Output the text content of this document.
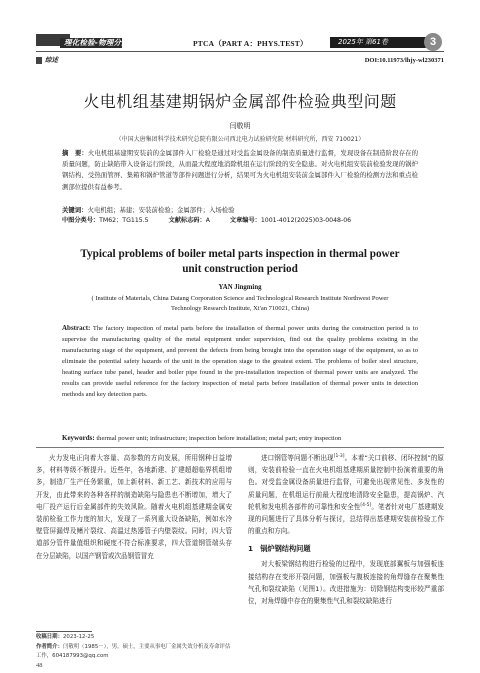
理化检验-物理分册	PTCA（PART A：PHYS.TEST）	2025年 第61卷	3
综述	DOI:10.11973/lhjy-wl230371
火电机组基建期锅炉金属部件检验典型问题
闫敬明
（中国大唐集团科学技术研究总院有限公司西北电力试验研究院 材料研究所，西安 710021）
摘　要：火电机组基建期安装前的金属部件入厂检验是通过对受监金属设备的制造质量进行监督，发现设备在制造阶段存在的质量问题，防止缺陷带入设备运行阶段，从而最大程度地消除机组在运行阶段的安全隐患。对火电机组安装前检验发现的锅炉钢结构、受热面管屏、集箱和锅炉管道等部件问题进行分析，结果可为火电机组安装前金属部件入厂检验的检测方法和重点检测部位提供有益参考。
关键词：火电机组；基建；安装前检验；金属部件；入场检验
中图分类号：TM62；TG115.5	文献标志码：A	文章编号：1001-4012(2025)03-0048-06
Typical problems of boiler metal parts inspection in thermal power
unit construction period
YAN Jingming
( Institute of Materials, China Datang Corporation Science and Technological Research Institute Northwest Power
Technology Research Institute, Xi'an 710021, China)
Abstract: The factory inspection of metal parts before the installation of thermal power units during the construction period is to supervise the manufacturing quality of the metal equipment under supervision, find out the quality problems existing in the manufacturing stage of the equipment, and prevent the defects from being brought into the operation stage of the equipment, so as to eliminate the potential safety hazards of the unit in the operation stage to the greatest extent. The problems of boiler steel structure, heating surface tube panel, header and boiler pipe found in the pre-installation inspection of thermal power units are analyzed. The results can provide useful reference for the factory inspection of metal parts before installation of thermal power units in detection methods and key detection parts.
Keywords: thermal power unit; infrastructure; inspection before installation; metal part; entry inspection

火力发电正向着大容量、高参数的方向发展，所用钢种日益增多，材料等级不断提升。近些年，各地新建、扩建超超临界机组增多，制造厂生产任务繁重，加上新材料、新工艺、新技术的应用与开发，由此带来的各种各样的制造缺陷与隐患也不断增加，增大了电厂投产运行后金属部件的失效风险。随着火电机组基建期金属安装前检验工作力度的加大，发现了一系列重大设备缺陷，例如水冷壁管屏漏焊及鳍片裂纹、高温过热器管子内壁裂纹。同时，四大管道部分管件量值组织和硬度不符合标准要求，四大管道钢管端头存在分层缺陷，以国产钢管或次品钢管冒充

进口钢管等问题不断出现[1-3]。本着“关口前移、闭环控制”的原则，安装前检验一直在火电机组基建期质量控制中扮演着重要的角色。对受监金属设备质量进行监督，可避免出现常见性、多发性的质量问题，在机组运行前最大程度地清除安全隐患，提高锅炉、汽轮机和发电机各部件的可靠性和安全性[4-5]。笔者针对电厂基建期发现的问题进行了具体分析与探讨，总结得出基建期安装前检验工作的重点和方向。

1　锅炉钢结构问题

对大板梁钢结构进行检验的过程中，发现底部翼板与加强板连接结构存在变形开裂问题，加强板与腹板连接的角焊缝存在聚集性气孔和裂纹缺陷（见图1）。改进措施为：切除钢结构变形较严重部位，对角焊缝中存在的聚集性气孔和裂纹缺陷进行

收稿日期：2023-12-25
作者简介：闫敬明（1985－），男，硕士，主要从事电厂金属失效分析及寿命评估工作，604187993@qq.com
48
